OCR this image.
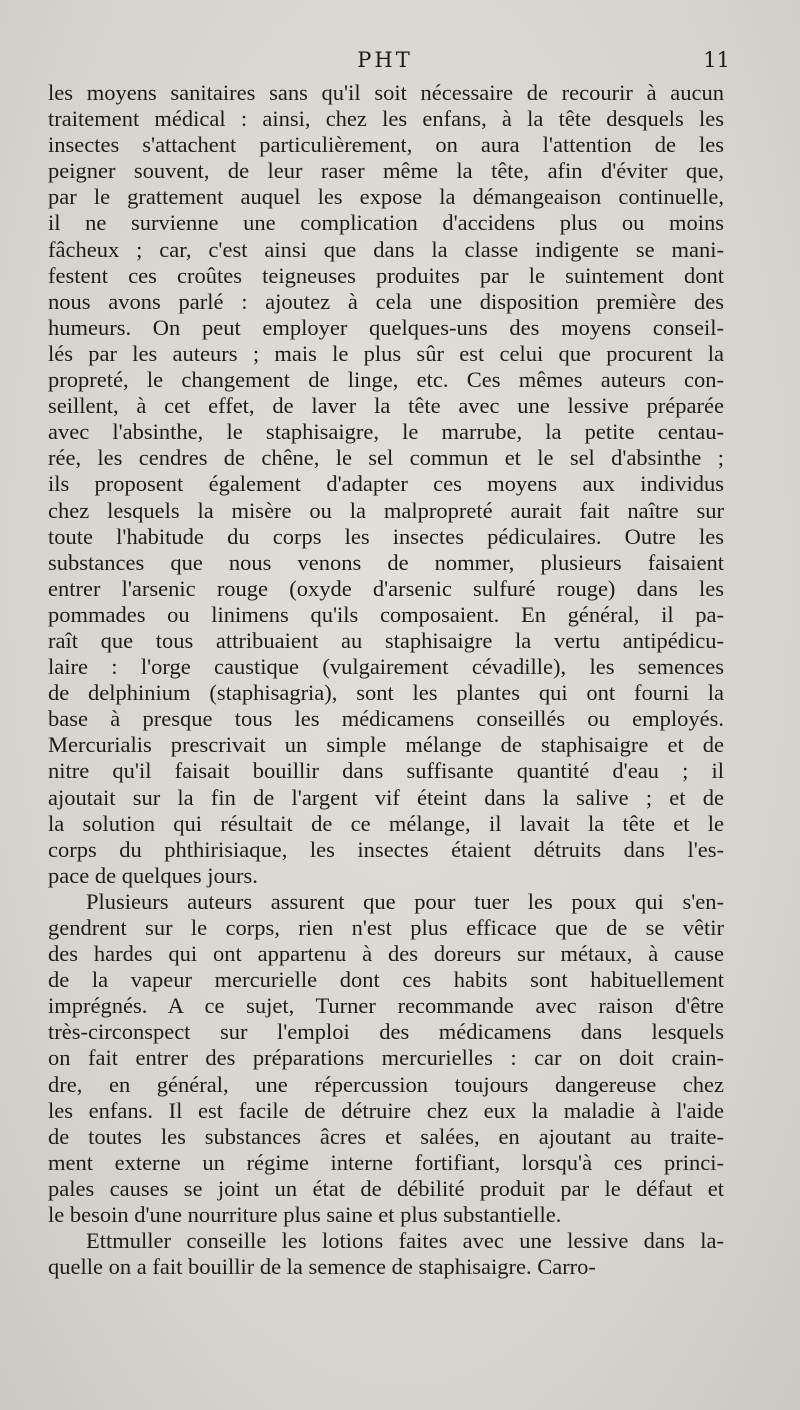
PHT	11
les moyens sanitaires sans qu'il soit nécessaire de recourir à aucun
traitement médical : ainsi, chez les enfans, à la tête desquels les
insectes s'attachent particulièrement, on aura l'attention de les
peigner souvent, de leur raser même la tête, afin d'éviter que,
par le grattement auquel les expose la démangeaison continuelle,
il ne survienne une complication d'accidens plus ou moins
fâcheux ; car, c'est ainsi que dans la classe indigente se mani-
festent ces croûtes teigneuses produites par le suintement dont
nous avons parlé : ajoutez à cela une disposition première des
humeurs. On peut employer quelques-uns des moyens conseil-
lés par les auteurs ; mais le plus sûr est celui que procurent la
propreté, le changement de linge, etc. Ces mêmes auteurs con-
seillent, à cet effet, de laver la tête avec une lessive préparée
avec l'absinthe, le staphisaigre, le marrube, la petite centau-
rée, les cendres de chêne, le sel commun et le sel d'absinthe ;
ils proposent également d'adapter ces moyens aux individus
chez lesquels la misère ou la malpropreté aurait fait naître sur
toute l'habitude du corps les insectes pédiculaires. Outre les
substances que nous venons de nommer, plusieurs faisaient
entrer l'arsenic rouge (oxyde d'arsenic sulfuré rouge) dans les
pommades ou linimens qu'ils composaient. En général, il pa-
raît que tous attribuaient au staphisaigre la vertu antipédicu-
laire : l'orge caustique (vulgairement cévadille), les semences
de delphinium (staphisagria), sont les plantes qui ont fourni la
base à presque tous les médicamens conseillés ou employés.
Mercurialis prescrivait un simple mélange de staphisaigre et de
nitre qu'il faisait bouillir dans suffisante quantité d'eau ; il
ajoutait sur la fin de l'argent vif éteint dans la salive ; et de
la solution qui résultait de ce mélange, il lavait la tête et le
corps du phthirisiaque, les insectes étaient détruits dans l'es-
pace de quelques jours.
Plusieurs auteurs assurent que pour tuer les poux qui s'en-
gendrent sur le corps, rien n'est plus efficace que de se vêtir
des hardes qui ont appartenu à des doreurs sur métaux, à cause
de la vapeur mercurielle dont ces habits sont habituellement
imprégnés. A ce sujet, Turner recommande avec raison d'être
très-circonspect sur l'emploi des médicamens dans lesquels
on fait entrer des préparations mercurielles : car on doit crain-
dre, en général, une répercussion toujours dangereuse chez
les enfans. Il est facile de détruire chez eux la maladie à l'aide
de toutes les substances âcres et salées, en ajoutant au traite-
ment externe un régime interne fortifiant, lorsqu'à ces princi-
pales causes se joint un état de débilité produit par le défaut et
le besoin d'une nourriture plus saine et plus substantielle.
Ettmuller conseille les lotions faites avec une lessive dans la-
quelle on a fait bouillir de la semence de staphisaigre. Carro-
